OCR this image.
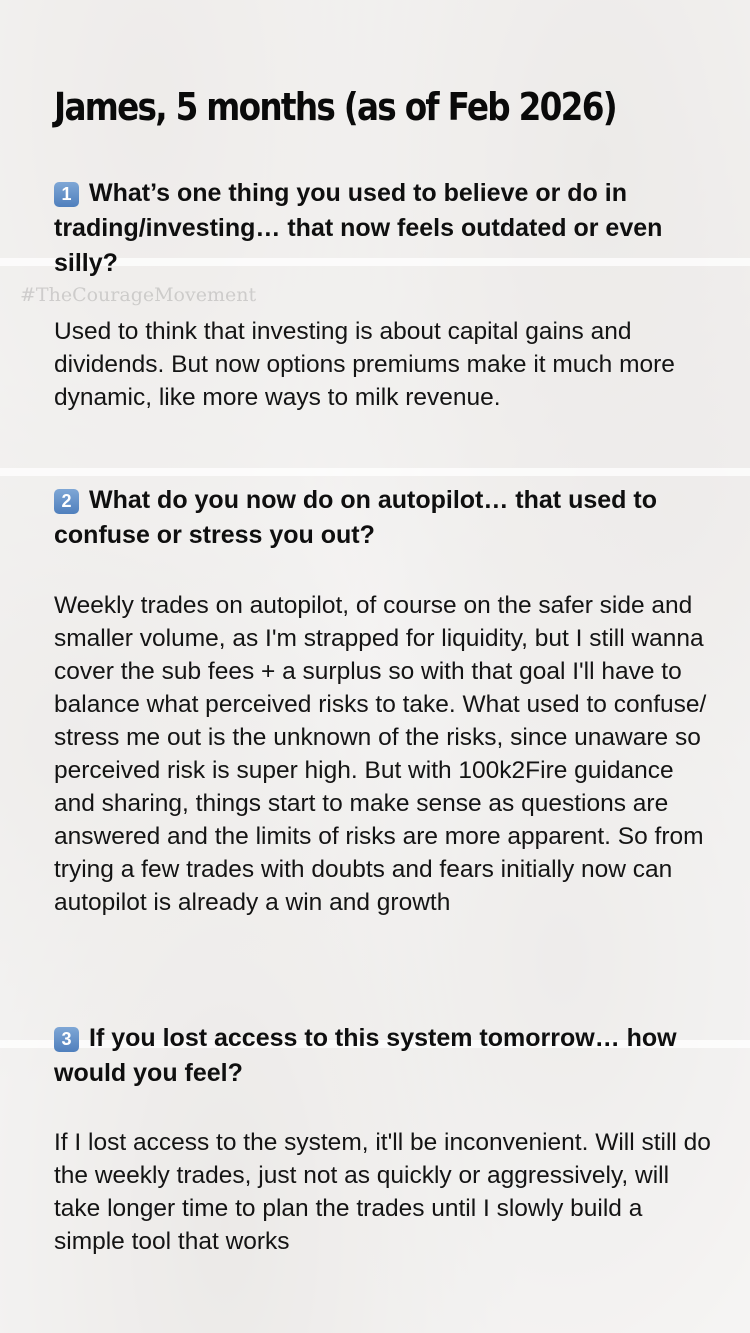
#TheCourageMovement
James, 5 months (as of Feb 2026)
1 What’s one thing you used to believe or do in trading/investing… that now feels outdated or even silly?
Used to think that investing is about capital gains and dividends. But now options premiums make it much more dynamic, like more ways to milk revenue.
2 What do you now do on autopilot… that used to confuse or stress you out?
Weekly trades on autopilot, of course on the safer side and smaller volume, as I'm strapped for liquidity, but I still wanna cover the sub fees + a surplus so with that goal I'll have to balance what perceived risks to take. What used to confuse/ stress me out is the unknown of the risks, since unaware so perceived risk is super high. But with 100k2Fire guidance and sharing, things start to make sense as questions are answered and the limits of risks are more apparent. So from trying a few trades with doubts and fears initially now can autopilot is already a win and growth
3 If you lost access to this system tomorrow… how would you feel?
If I lost access to the system, it'll be inconvenient. Will still do the weekly trades, just not as quickly or aggressively, will take longer time to plan the trades until I slowly build a simple tool that works
